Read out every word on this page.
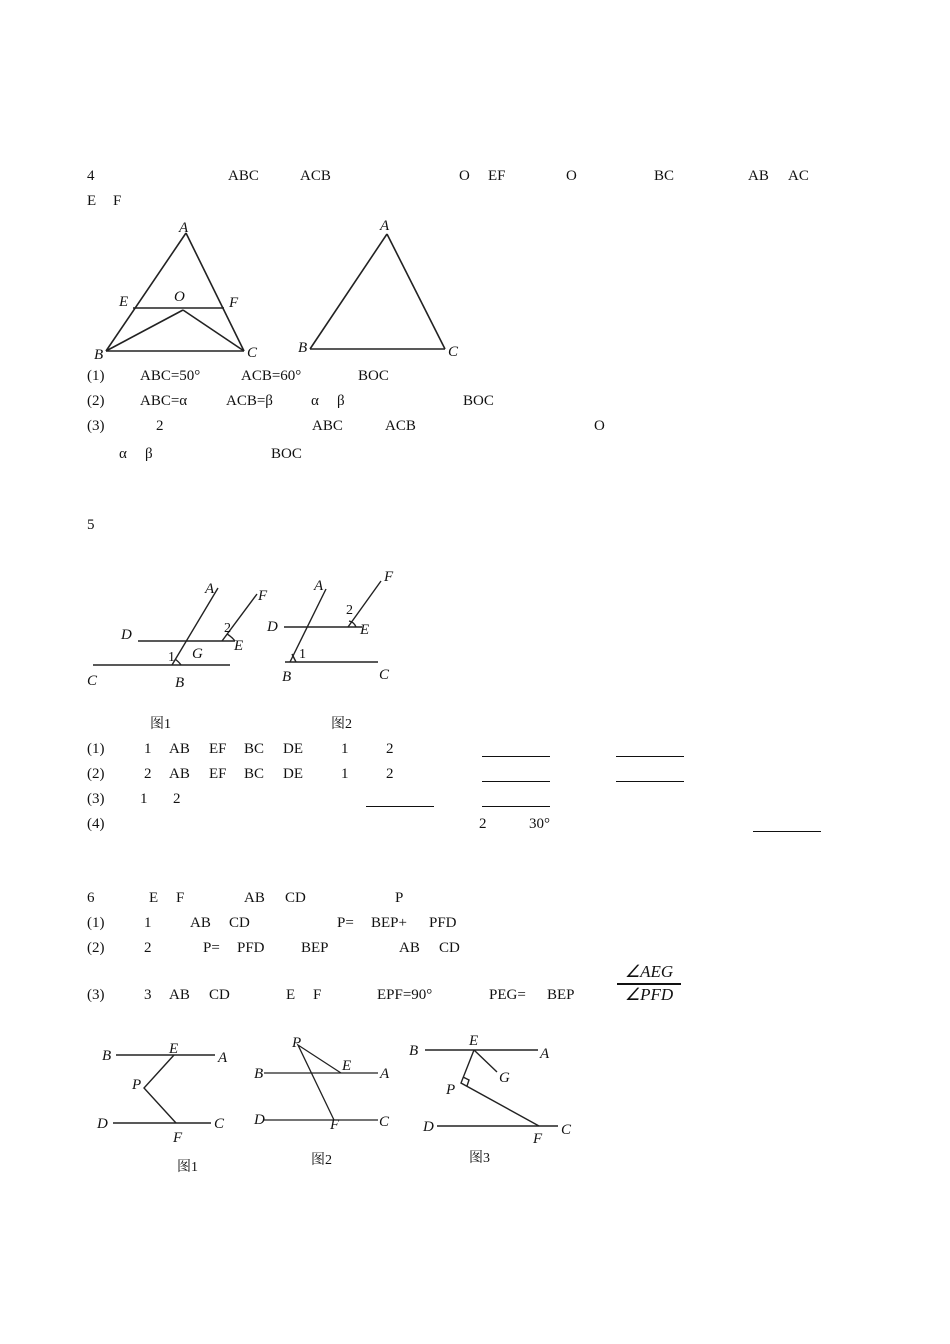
4	ABC	ACB	O EF	O	BC	AB AC
E F
A
E	O	F
B	C
A
B	C
(1) ABC=50°	ACB=60°	BOC
(2) ABC=α	ACB=β	α β	BOC
(3)	2	ABC	ACB	O
α β	BOC
5
A	F
D	2
G E
1
C	B
图1
A
F
2
D	E
1
B	C
图2
(1)	1 AB EF BC DE	1	2
(2)	2 AB EF BC DE	1	2
(3) 1 2
(4)	2	30°
6	E F	AB CD	P
(1)	1	AB CD	P= BEP+ PFD
(2)	2	P= PFD BEP	AB CD
(3)	3 AB CD	E F	EPF=90°	PEG= BEP
∠AEG
∠PFD
B	E
A
P
D	C
F
图1
P
B	E A
D	F	C
图2
B
E
A
G
P
D
F
C
图3
